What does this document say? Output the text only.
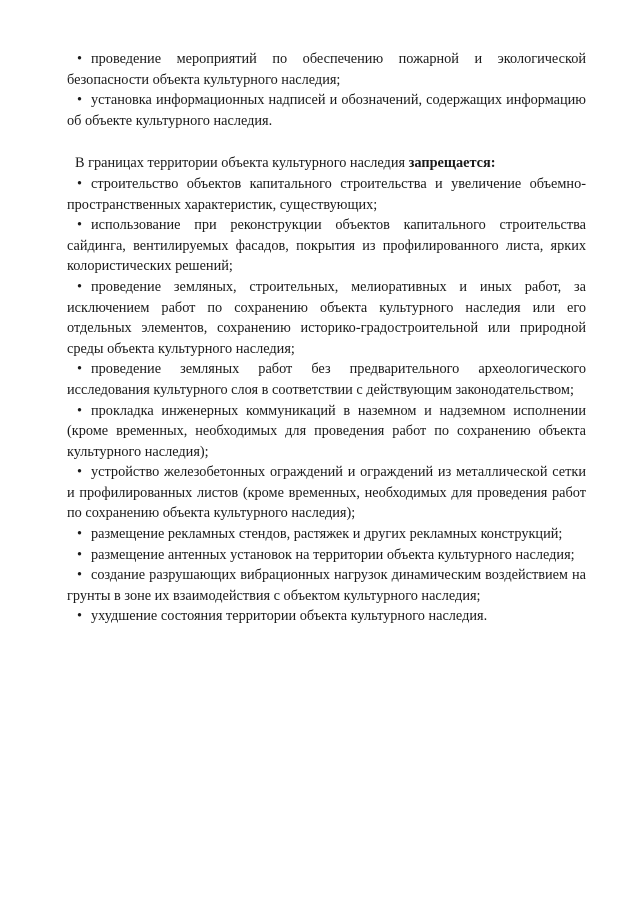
• проведение мероприятий по обеспечению пожарной и экологической безопасности объекта культурного наследия;

• установка информационных надписей и обозначений, содержащих информацию об объекте культурного наследия.

В границах территории объекта культурного наследия запрещается:

• строительство объектов капитального строительства и увеличение объемно-пространственных характеристик, существующих;

• использование при реконструкции объектов капитального строительства сайдинга, вентилируемых фасадов, покрытия из профилированного листа, ярких колористических решений;

• проведение земляных, строительных, мелиоративных и иных работ, за исключением работ по сохранению объекта культурного наследия или его отдельных элементов, сохранению историко-градостроительной или природной среды объекта культурного наследия;

• проведение земляных работ без предварительного археологического исследования культурного слоя в соответствии с действующим законодательством;

• прокладка инженерных коммуникаций в наземном и надземном исполнении (кроме временных, необходимых для проведения работ по сохранению объекта культурного наследия);

• устройство железобетонных ограждений и ограждений из металлической сетки и профилированных листов (кроме временных, необходимых для проведения работ по сохранению объекта культурного наследия);

• размещение рекламных стендов, растяжек и других рекламных конструкций;

• размещение антенных установок на территории объекта культурного наследия;

• создание разрушающих вибрационных нагрузок динамическим воздействием на грунты в зоне их взаимодействия с объектом культурного наследия;

• ухудшение состояния территории объекта культурного наследия.
